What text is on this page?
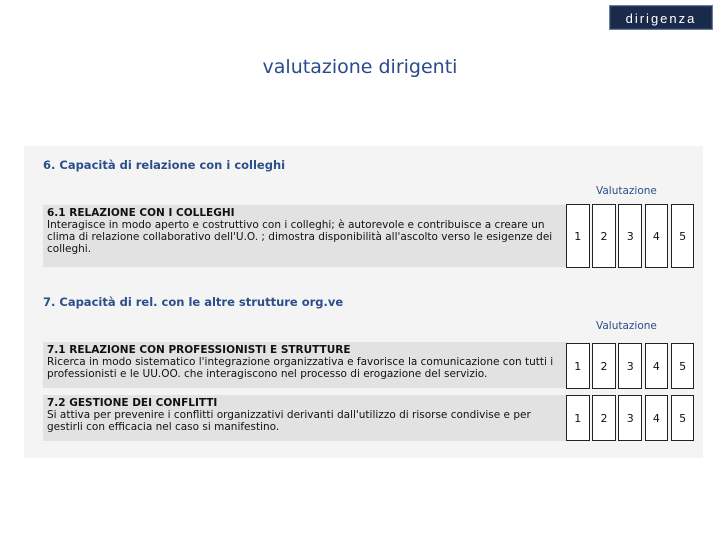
dirigenza
valutazione dirigenti
6. Capacità di relazione con i colleghi
Valutazione
6.1 RELAZIONE CON I COLLEGHI
Interagisce in modo aperto e costruttivo con i colleghi; è autorevole e contribuisce a creare un clima di relazione collaborativo dell'U.O. ; dimostra disponibilità all'ascolto verso le esigenze dei colleghi.
1	2	3	4	5
7. Capacità di rel. con le altre strutture org.ve
Valutazione
7.1 RELAZIONE CON PROFESSIONISTI E STRUTTURE
Ricerca in modo sistematico l'integrazione organizzativa e favorisce la comunicazione con tutti i professionisti e le UU.OO. che interagiscono nel processo di erogazione del servizio.
1	2	3	4	5
7.2 GESTIONE DEI CONFLITTI
Si attiva per prevenire i conflitti organizzativi derivanti dall'utilizzo di risorse condivise e per gestirli con efficacia nel caso si manifestino.
1	2	3	4	5
